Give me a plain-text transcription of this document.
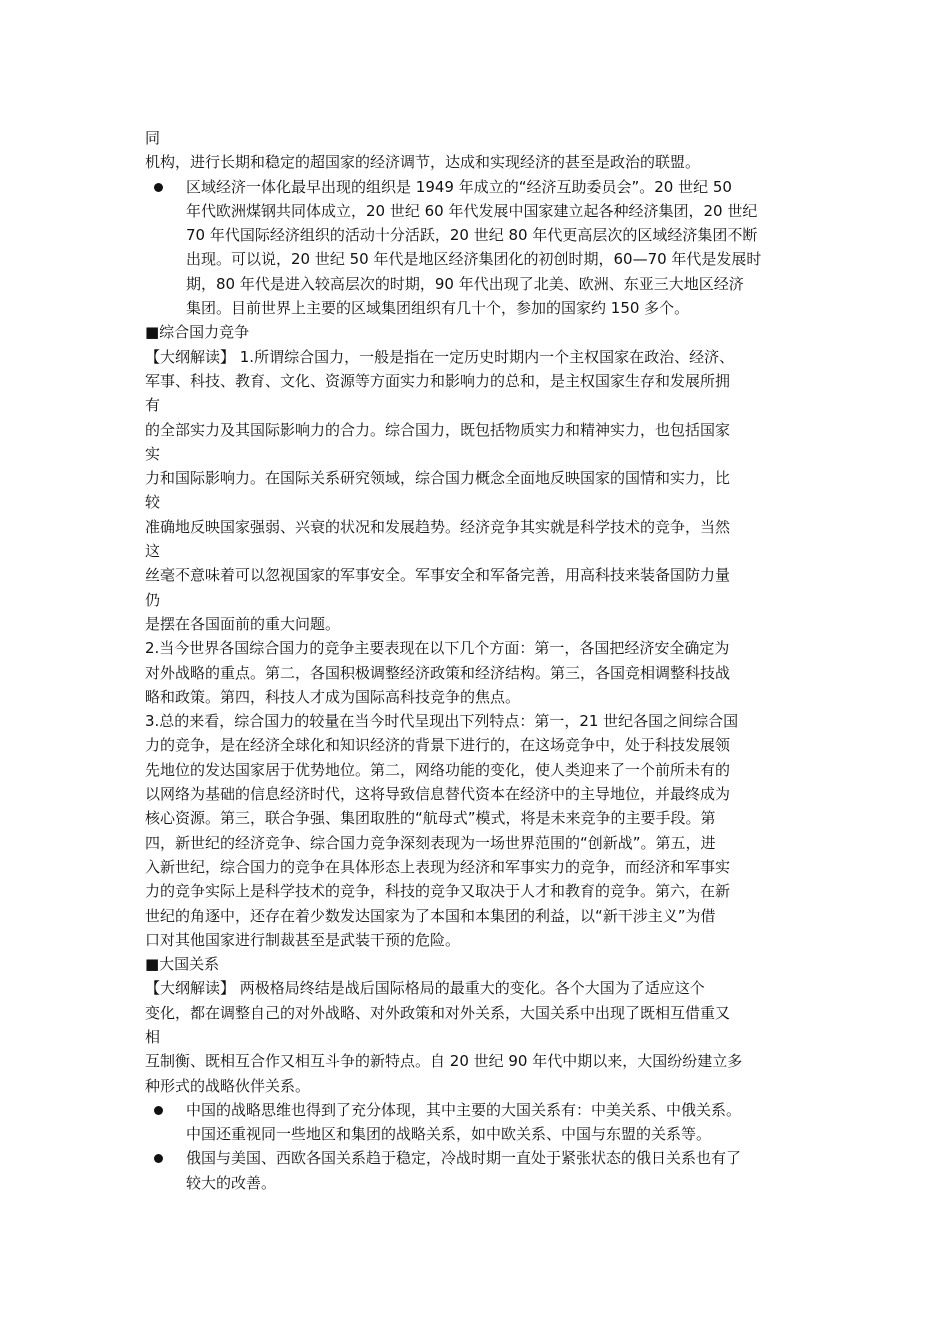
同
机构，进行长期和稳定的超国家的经济调节，达成和实现经济的甚至是政治的联盟。
区域经济一体化最早出现的组织是 1949 年成立的“经济互助委员会”。20 世纪 50
年代欧洲煤钢共同体成立，20 世纪 60 年代发展中国家建立起各种经济集团，20 世纪
70 年代国际经济组织的活动十分活跃，20 世纪 80 年代更高层次的区域经济集团不断
出现。可以说，20 世纪 50 年代是地区经济集团化的初创时期，60—70 年代是发展时
期，80 年代是进入较高层次的时期，90 年代出现了北美、欧洲、东亚三大地区经济
集团。目前世界上主要的区域集团组织有几十个，参加的国家约 150 多个。
■综合国力竞争
【大纲解读】 1.所谓综合国力，一般是指在一定历史时期内一个主权国家在政治、经济、
军事、科技、教育、文化、资源等方面实力和影响力的总和，是主权国家生存和发展所拥
有
的全部实力及其国际影响力的合力。综合国力，既包括物质实力和精神实力，也包括国家
实
力和国际影响力。在国际关系研究领域，综合国力概念全面地反映国家的国情和实力，比
较
准确地反映国家强弱、兴衰的状况和发展趋势。经济竞争其实就是科学技术的竞争，当然
这
丝毫不意味着可以忽视国家的军事安全。军事安全和军备完善，用高科技来装备国防力量
仍
是摆在各国面前的重大问题。
2.当今世界各国综合国力的竞争主要表现在以下几个方面：第一，各国把经济安全确定为
对外战略的重点。第二，各国积极调整经济政策和经济结构。第三，各国竞相调整科技战
略和政策。第四，科技人才成为国际高科技竞争的焦点。
3.总的来看，综合国力的较量在当今时代呈现出下列特点：第一，21 世纪各国之间综合国
力的竞争，是在经济全球化和知识经济的背景下进行的，在这场竞争中，处于科技发展领
先地位的发达国家居于优势地位。第二，网络功能的变化，使人类迎来了一个前所未有的
以网络为基础的信息经济时代，这将导致信息替代资本在经济中的主导地位，并最终成为
核心资源。第三，联合争强、集团取胜的“航母式”模式，将是未来竞争的主要手段。第
四，新世纪的经济竞争、综合国力竞争深刻表现为一场世界范围的“创新战”。第五，进
入新世纪，综合国力的竞争在具体形态上表现为经济和军事实力的竞争，而经济和军事实
力的竞争实际上是科学技术的竞争，科技的竞争又取决于人才和教育的竞争。第六，在新
世纪的角逐中，还存在着少数发达国家为了本国和本集团的利益，以“新干涉主义”为借
口对其他国家进行制裁甚至是武装干预的危险。
■大国关系
【大纲解读】 两极格局终结是战后国际格局的最重大的变化。各个大国为了适应这个
变化，都在调整自己的对外战略、对外政策和对外关系，大国关系中出现了既相互借重又
相
互制衡、既相互合作又相互斗争的新特点。自 20 世纪 90 年代中期以来，大国纷纷建立多
种形式的战略伙伴关系。
中国的战略思维也得到了充分体现，其中主要的大国关系有：中美关系、中俄关系。
中国还重视同一些地区和集团的战略关系，如中欧关系、中国与东盟的关系等。
俄国与美国、西欧各国关系趋于稳定，冷战时期一直处于紧张状态的俄日关系也有了
较大的改善。
